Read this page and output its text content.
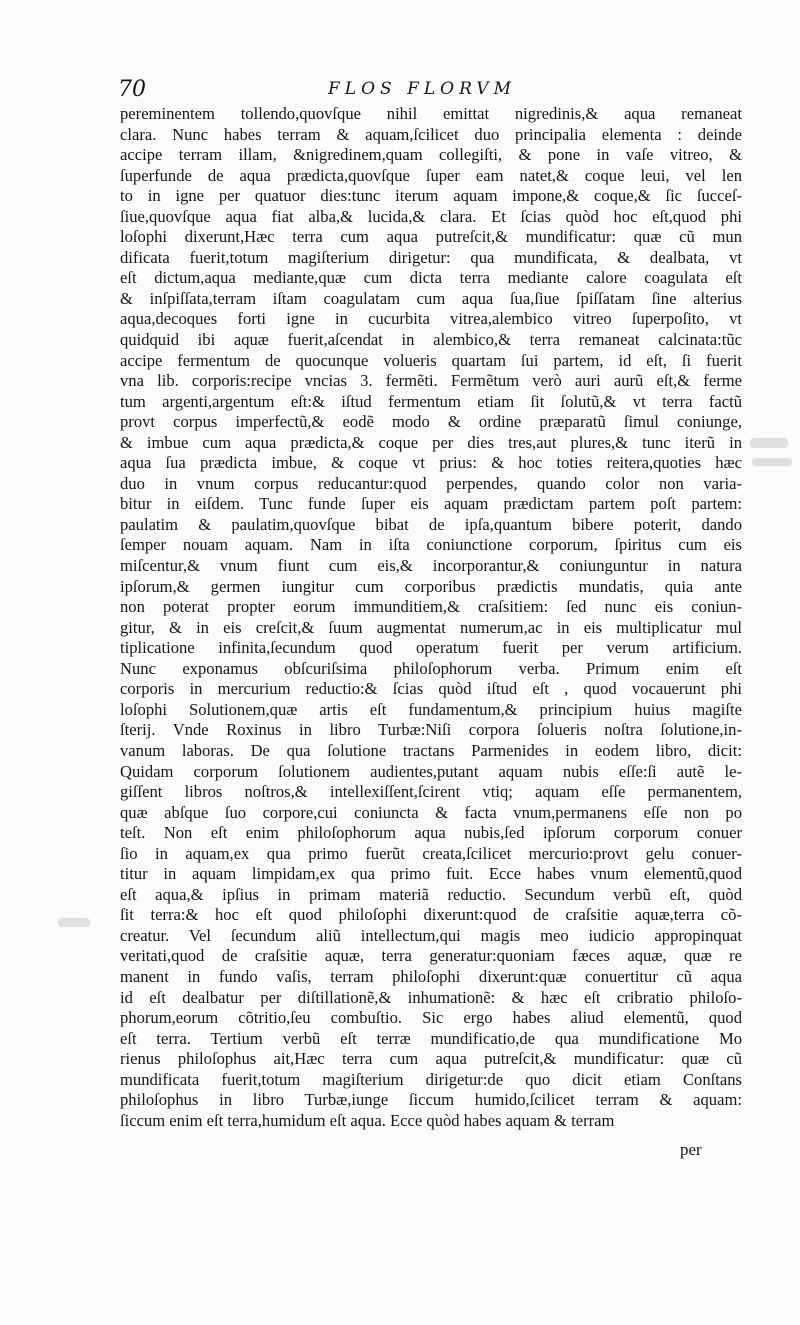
70	FLOS FLORVM
pereminentem tollendo,quovſque nihil emittat nigredinis,& aqua remaneat
clara. Nunc habes terram & aquam,ſcilicet duo principalia elementa : deinde
accipe terram illam, &nigredinem,quam collegiſti, & pone in vaſe vitreo, &
ſuperfunde de aqua prædicta,quovſque ſuper eam natet,& coque leui, vel len
to in igne per quatuor dies:tunc iterum aquam impone,& coque,& ſic ſucceſ-
ſiue,quovſque aqua fiat alba,& lucida,& clara. Et ſcias quòd hoc eſt,quod phi
loſophi dixerunt,Hæc terra cum aqua putreſcit,& mundificatur: quæ cũ mun
dificata fuerit,totum magiſterium dirigetur: qua mundificata, & dealbata, vt
eſt dictum,aqua mediante,quæ cum dicta terra mediante calore coagulata eſt
& inſpiſſata,terram iſtam coagulatam cum aqua ſua,ſiue ſpiſſatam ſine alterius
aqua,decoques forti igne in cucurbita vitrea,alembico vitreo ſuperpoſito, vt
quidquid ibi aquæ fuerit,aſcendat in alembico,& terra remaneat calcinata:tũc
accipe fermentum de quocunque volueris quartam ſui partem, id eſt, ſi fuerit
vna lib. corporis:recipe vncias 3. fermẽti. Fermẽtum verò auri aurũ eſt,& ferme
tum argenti,argentum eſt:& iſtud fermentum etiam ſit ſolutũ,& vt terra factũ
provt corpus imperfectũ,& eodẽ modo & ordine præparatũ ſimul coniunge,
& imbue cum aqua prædicta,& coque per dies tres,aut plures,& tunc iterũ in
aqua ſua prædicta imbue, & coque vt prius: & hoc toties reitera,quoties hæc
duo in vnum corpus reducantur:quod perpendes, quando color non varia-
bitur in eiſdem. Tunc funde ſuper eis aquam prædictam partem poſt partem:
paulatim & paulatim,quovſque bibat de ipſa,quantum bibere poterit, dando
ſemper nouam aquam. Nam in iſta coniunctione corporum, ſpiritus cum eis
miſcentur,& vnum fiunt cum eis,& incorporantur,& coniunguntur in natura
ipſorum,& germen iungitur cum corporibus prædictis mundatis, quia ante
non poterat propter eorum immunditiem,& craſsitiem: ſed nunc eis coniun-
gitur, & in eis creſcit,& ſuum augmentat numerum,ac in eis multiplicatur mul
tiplicatione infinita,ſecundum quod operatum fuerit per verum artificium.
Nunc exponamus obſcuriſsima philoſophorum verba. Primum enim eſt
corporis in mercurium reductio:& ſcias quòd iſtud eſt , quod vocauerunt phi
loſophi Solutionem,quæ artis eſt fundamentum,& principium huius magiſte
ſterij. Vnde Roxinus in libro Turbæ:Niſi corpora ſolueris noſtra ſolutione,in-
vanum laboras. De qua ſolutione tractans Parmenides in eodem libro, dicit:
Quidam corporum ſolutionem audientes,putant aquam nubis eſſe:ſi autẽ le-
giſſent libros noſtros,& intellexiſſent,ſcirent vtiq; aquam eſſe permanentem,
quæ abſque ſuo corpore,cui coniuncta & facta vnum,permanens eſſe non po
teſt. Non eſt enim philoſophorum aqua nubis,ſed ipſorum corporum conuer
ſio in aquam,ex qua primo fuerũt creata,ſcilicet mercurio:provt gelu conuer-
titur in aquam limpidam,ex qua primo fuit. Ecce habes vnum elementũ,quod
eſt aqua,& ipſius in primam materiã reductio. Secundum verbũ eſt, quòd
ſit terra:& hoc eſt quod philoſophi dixerunt:quod de craſsitie aquæ,terra cõ-
creatur. Vel ſecundum aliũ intellectum,qui magis meo iudicio appropinquat
veritati,quod de craſsitie aquæ, terra generatur:quoniam fæces aquæ, quæ re
manent in fundo vaſis, terram philoſophi dixerunt:quæ conuertitur cũ aqua
id eſt dealbatur per diſtillationẽ,& inhumationẽ: & hæc eſt cribratio philoſo-
phorum,eorum cõtritio,ſeu combuſtio. Sic ergo habes aliud elementũ, quod
eſt terra. Tertium verbũ eſt terræ mundificatio,de qua mundificatione Mo
rienus philoſophus ait,Hæc terra cum aqua putreſcit,& mundificatur: quæ cũ
mundificata fuerit,totum magiſterium dirigetur:de quo dicit etiam Conſtans
philoſophus in libro Turbæ,iunge ſiccum humido,ſcilicet terram & aquam:
ſiccum enim eſt terra,humidum eſt aqua. Ecce quòd habes aquam & terram
per
